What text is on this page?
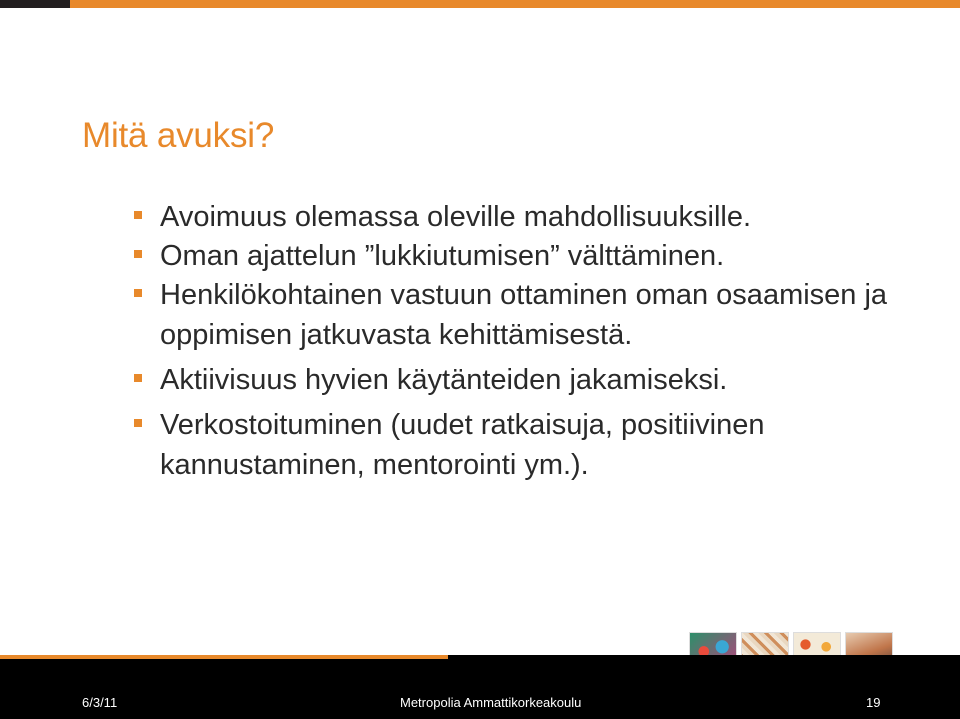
Mitä avuksi?
Avoimuus olemassa oleville mahdollisuuksille.
Oman ajattelun ”lukkiutumisen” välttäminen.
Henkilökohtainen vastuun ottaminen oman osaamisen ja oppimisen jatkuvasta kehittämisestä.
Aktiivisuus hyvien käytänteiden jakamiseksi.
Verkostoituminen (uudet ratkaisuja, positiivinen kannustaminen, mentorointi ym.).
6/3/11	Metropolia Ammattikorkeakoulu	19
